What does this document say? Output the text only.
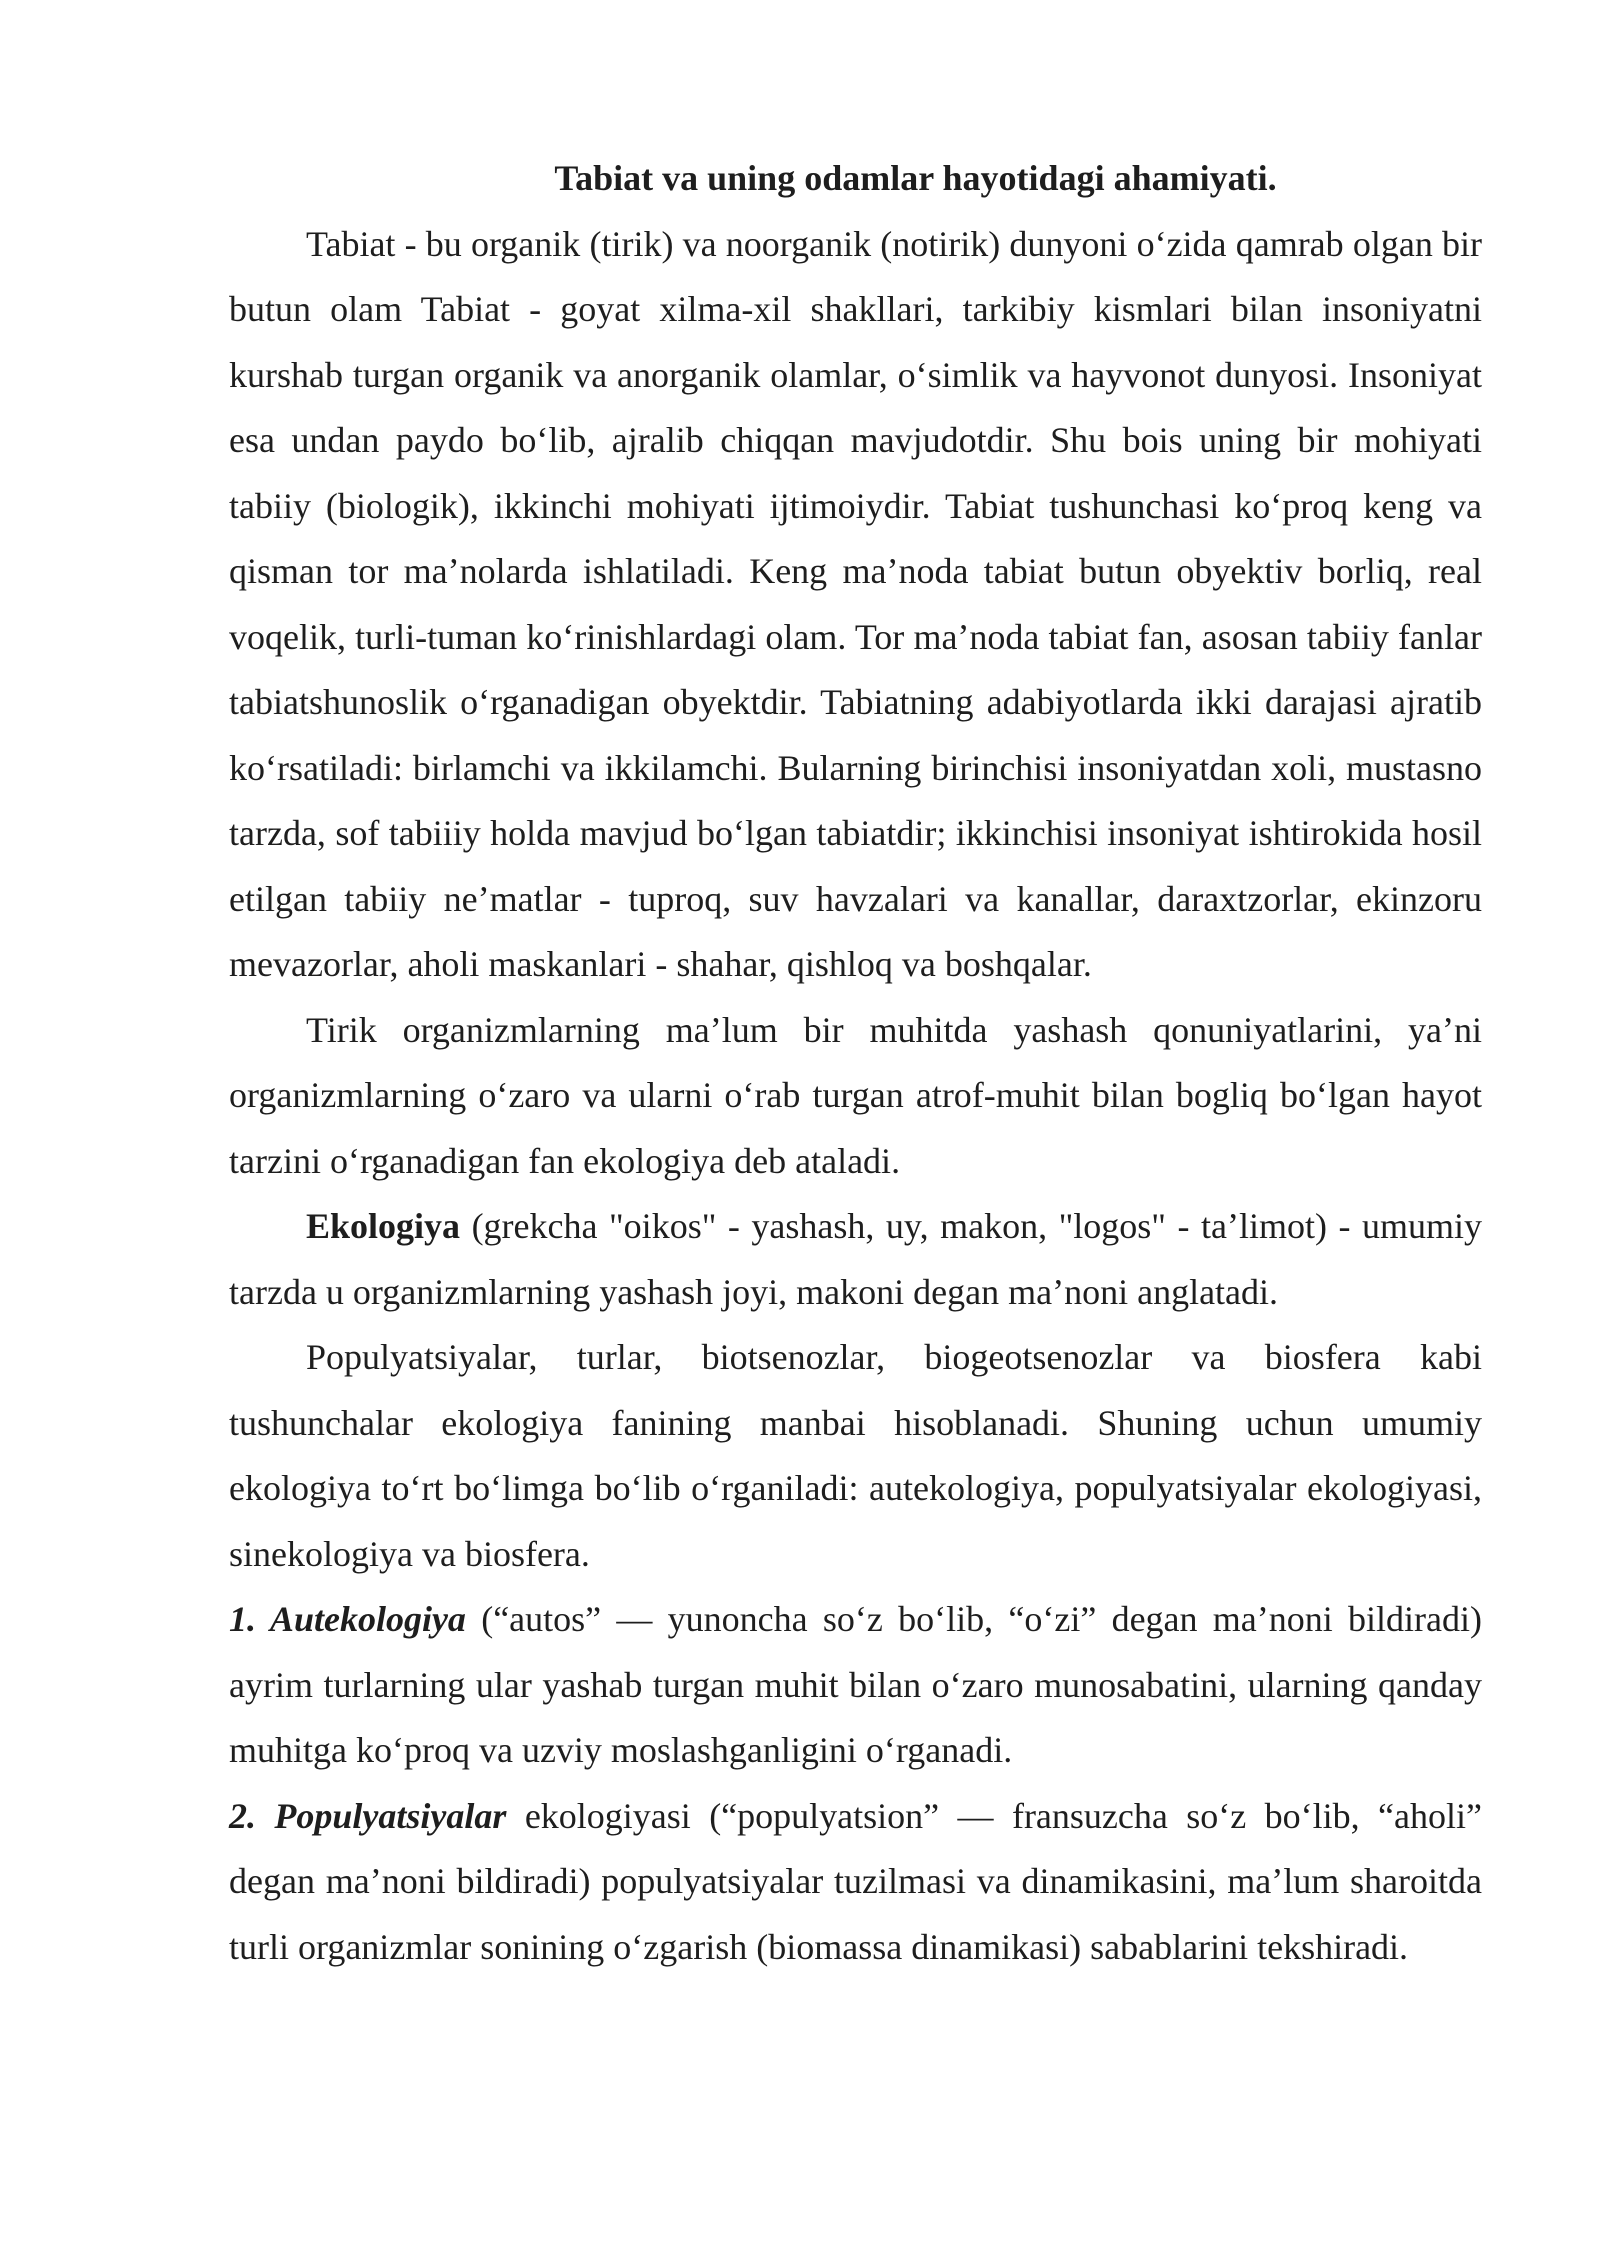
Tabiat va uning odamlar hayotidagi ahamiyati.

Tabiat - bu organik (tirik) va noorganik (notirik) dunyoni oʻzida qamrab olgan bir butun olam Tabiat - goyat xilma-xil shakllari, tarkibiy kismlari bilan insoniyatni kurshab turgan organik va anorganik olamlar, oʻsimlik va hayvonot dunyosi. Insoniyat esa undan paydo boʻlib, ajralib chiqqan mavjudotdir. Shu bois uning bir mohiyati tabiiy (biologik), ikkinchi mohiyati ijtimoiydir. Tabiat tushunchasi koʻproq keng va qisman tor maʼnolarda ishlatiladi. Keng maʼnoda tabiat butun obyektiv borliq, real voqelik, turli-tuman koʻrinishlardagi olam. Tor maʼnoda tabiat fan, asosan tabiiy fanlar tabiatshunoslik oʻrganadigan obyektdir. Tabiatning adabiyotlarda ikki darajasi ajratib koʻrsatiladi: birlamchi va ikkilamchi. Bularning birinchisi insoniyatdan xoli, mustasno tarzda, sof tabiiiy holda mavjud boʻlgan tabiatdir; ikkinchisi insoniyat ishtirokida hosil etilgan tabiiy neʼmatlar - tuproq, suv havzalari va kanallar, daraxtzorlar, ekinzoru mevazorlar, aholi maskanlari - shahar, qishloq va boshqalar.

Tirik organizmlarning maʼlum bir muhitda yashash qonuniyatlarini, yaʼni organizmlarning oʻzaro va ularni oʻrab turgan atrof-muhit bilan bogliq boʻlgan hayot tarzini oʻrganadigan fan ekologiya deb ataladi.

Ekologiya (grekcha "oikos" - yashash, uy, makon, "logos" - taʼlimot) - umumiy tarzda u organizmlarning yashash joyi, makoni degan maʼnoni anglatadi.

Populyatsiyalar, turlar, biotsenozlar, biogeotsenozlar va biosfera kabi tushunchalar ekologiya fanining manbai hisoblanadi. Shuning uchun umumiy ekologiya toʻrt boʻlimga boʻlib oʻrganiladi: autekologiya, populyatsiyalar ekologiyasi, sinekologiya va biosfera.

1. Autekologiya (“autos” — yunoncha soʻz boʻlib, “oʻzi” degan maʼnoni bildiradi) ayrim turlarning ular yashab turgan muhit bilan oʻzaro munosabatini, ularning qanday muhitga koʻproq va uzviy moslashganligini oʻrganadi.

2. Populyatsiyalar ekologiyasi (“populyatsion” — fransuzcha soʻz boʻlib, “aholi” degan maʼnoni bildiradi) populyatsiyalar tuzilmasi va dinamikasini, maʼlum sharoitda turli organizmlar sonining oʻzgarish (biomassa dinamikasi) sabablarini tekshiradi.
